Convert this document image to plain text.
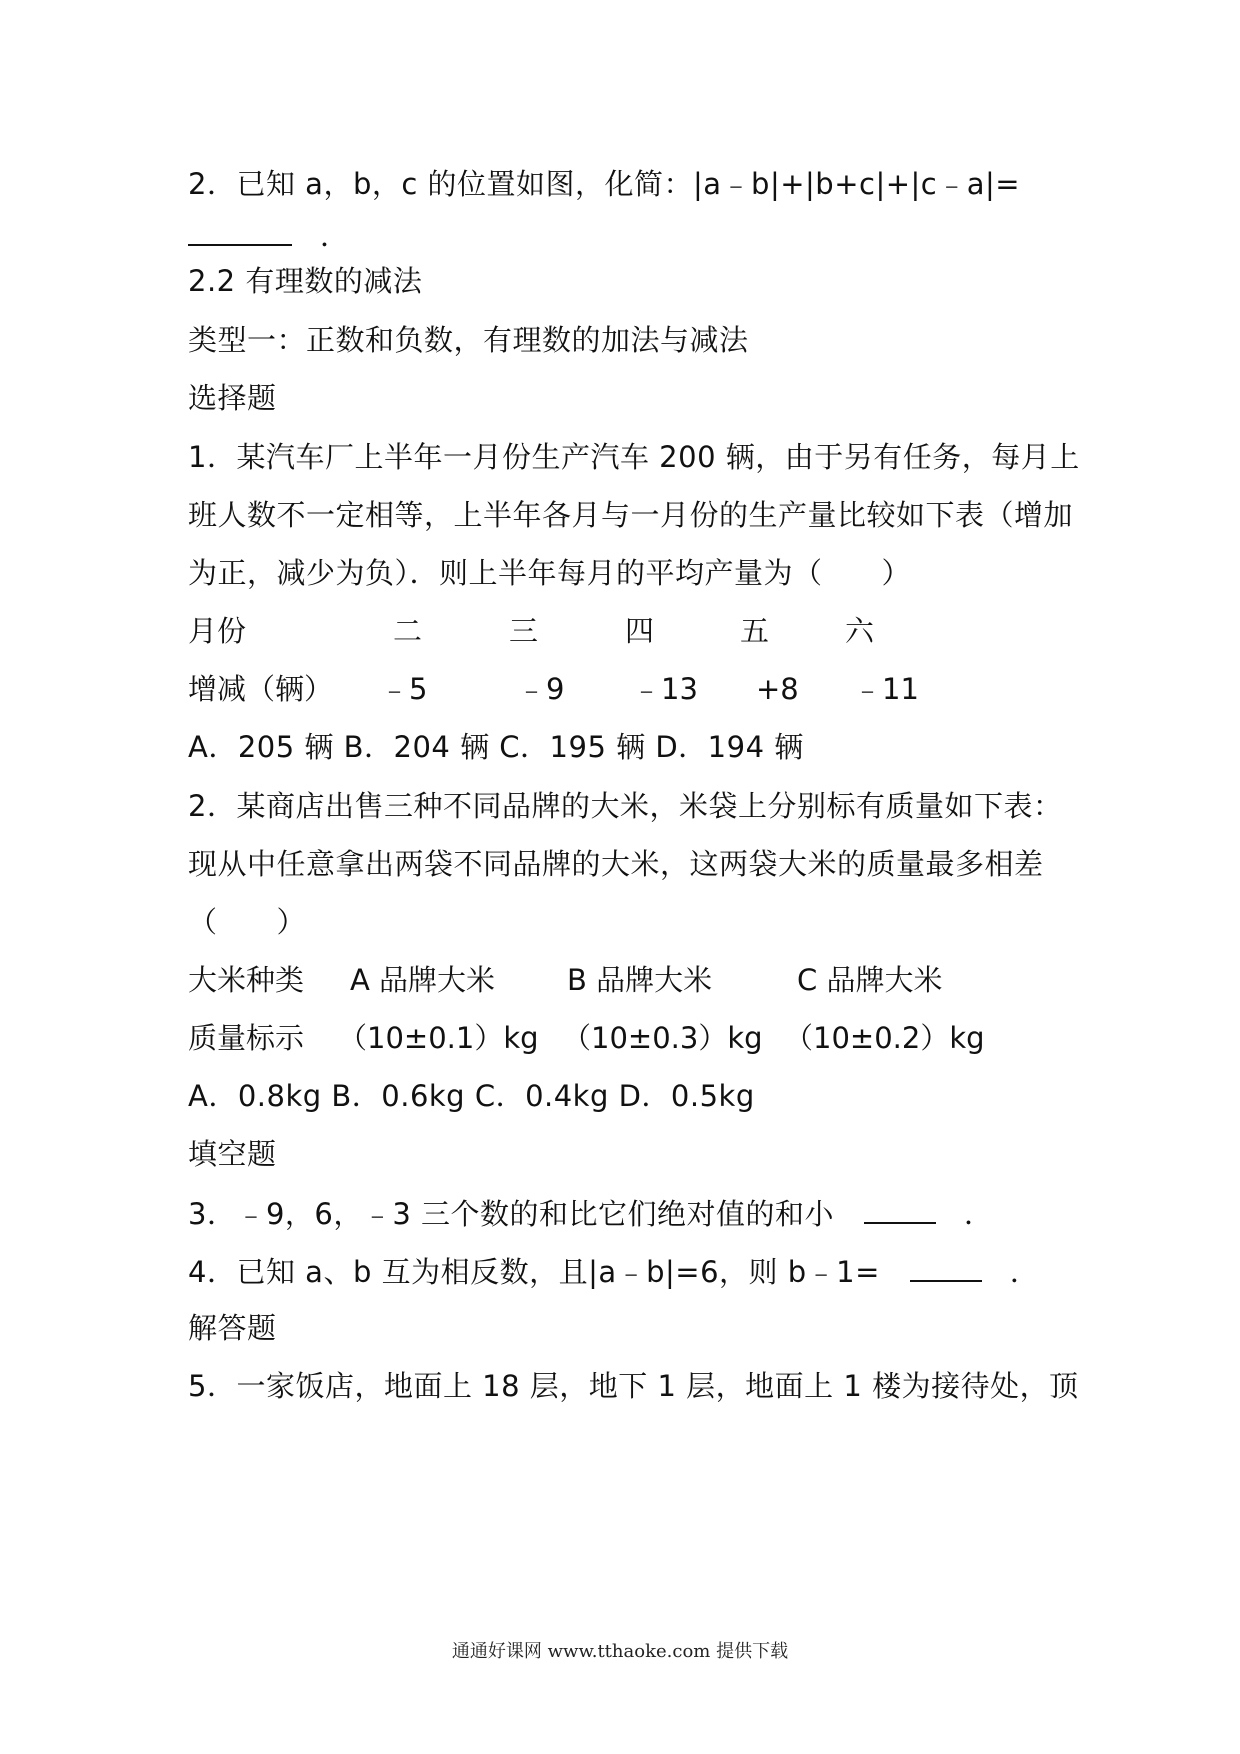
2．已知 a，b，c 的位置如图，化简：|a﹣b|+|b+c|+|c﹣a|=
．
2.2 有理数的减法
类型一：正数和负数，有理数的加法与减法
选择题
1．某汽车厂上半年一月份生产汽车 200 辆，由于另有任务，每月上
班人数不一定相等，上半年各月与一月份的生产量比较如下表（增加
为正，减少为负）．则上半年每月的平均产量为（　　）
月份	二	三	四	五	六
增减（辆） ﹣5	﹣9 ﹣13 +8 ﹣11
A．205 辆 B．204 辆 C．195 辆 D．194 辆
2．某商店出售三种不同品牌的大米，米袋上分别标有质量如下表：
现从中任意拿出两袋不同品牌的大米，这两袋大米的质量最多相差
（　　）
大米种类 A 品牌大米 B 品牌大米	C 品牌大米
质量标示 （10±0.1）kg （10±0.3）kg （10±0.2）kg
A．0.8kg B．0.6kg C．0.4kg D．0.5kg
填空题
3．﹣9，6，﹣3 三个数的和比它们绝对值的和小	．
4．已知 a、b 互为相反数，且|a﹣b|=6，则 b﹣1=	．
解答题
5．一家饭店，地面上 18 层，地下 1 层，地面上 1 楼为接待处，顶
通通好课网 www.tthaoke.com 提供下载
